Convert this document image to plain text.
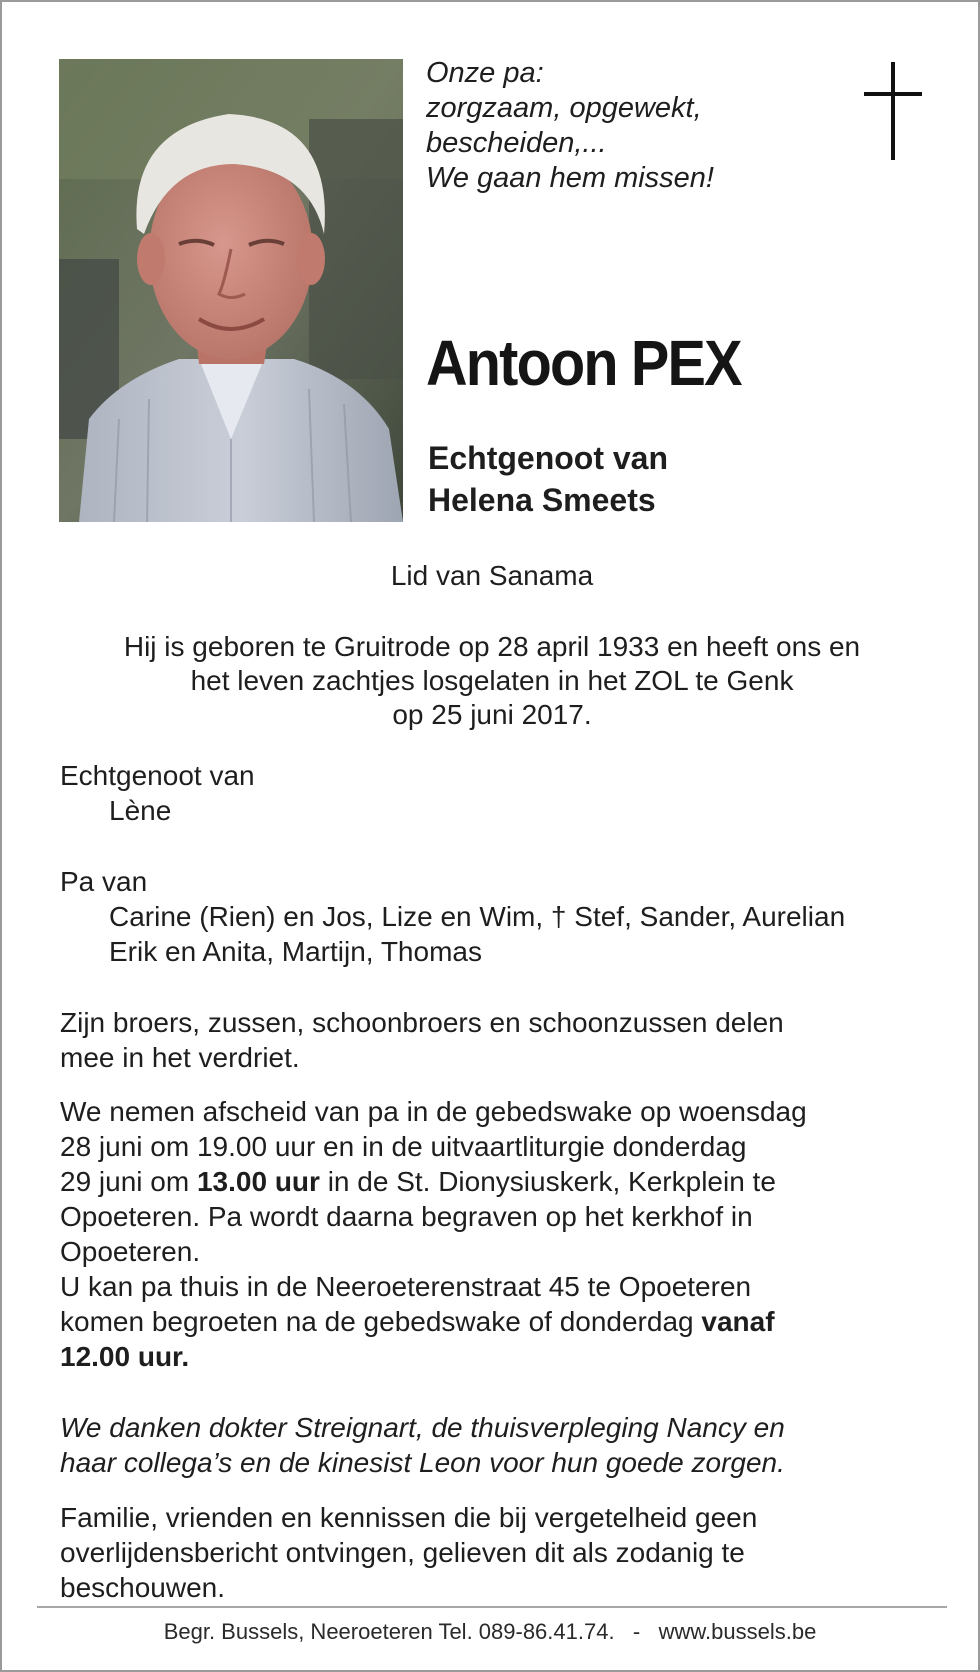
Onze pa:
zorgzaam, opgewekt,
bescheiden,...
We gaan hem missen!
Antoon PEX
Echtgenoot van
Helena Smeets
Lid van Sanama
Hij is geboren te Gruitrode op 28 april 1933 en heeft ons en
het leven zachtjes losgelaten in het ZOL te Genk
op 25 juni 2017.
Echtgenoot van
Lène
Pa van
Carine (Rien) en Jos, Lize en Wim, † Stef, Sander, Aurelian
Erik en Anita, Martijn, Thomas
Zijn broers, zussen, schoonbroers en schoonzussen delen
mee in het verdriet.
We nemen afscheid van pa in de gebedswake op woensdag
28 juni om 19.00 uur en in de uitvaartliturgie donderdag
29 juni om 13.00 uur in de St. Dionysiuskerk, Kerkplein te
Opoeteren. Pa wordt daarna begraven op het kerkhof in
Opoeteren.
U kan pa thuis in de Neeroeterenstraat 45 te Opoeteren
komen begroeten na de gebedswake of donderdag vanaf
12.00 uur.
We danken dokter Streignart, de thuisverpleging Nancy en
haar collega’s en de kinesist Leon voor hun goede zorgen.
Familie, vrienden en kennissen die bij vergetelheid geen
overlijdensbericht ontvingen, gelieven dit als zodanig te
beschouwen.
Begr. Bussels, Neeroeteren Tel. 089-86.41.74.   -   www.bussels.be
